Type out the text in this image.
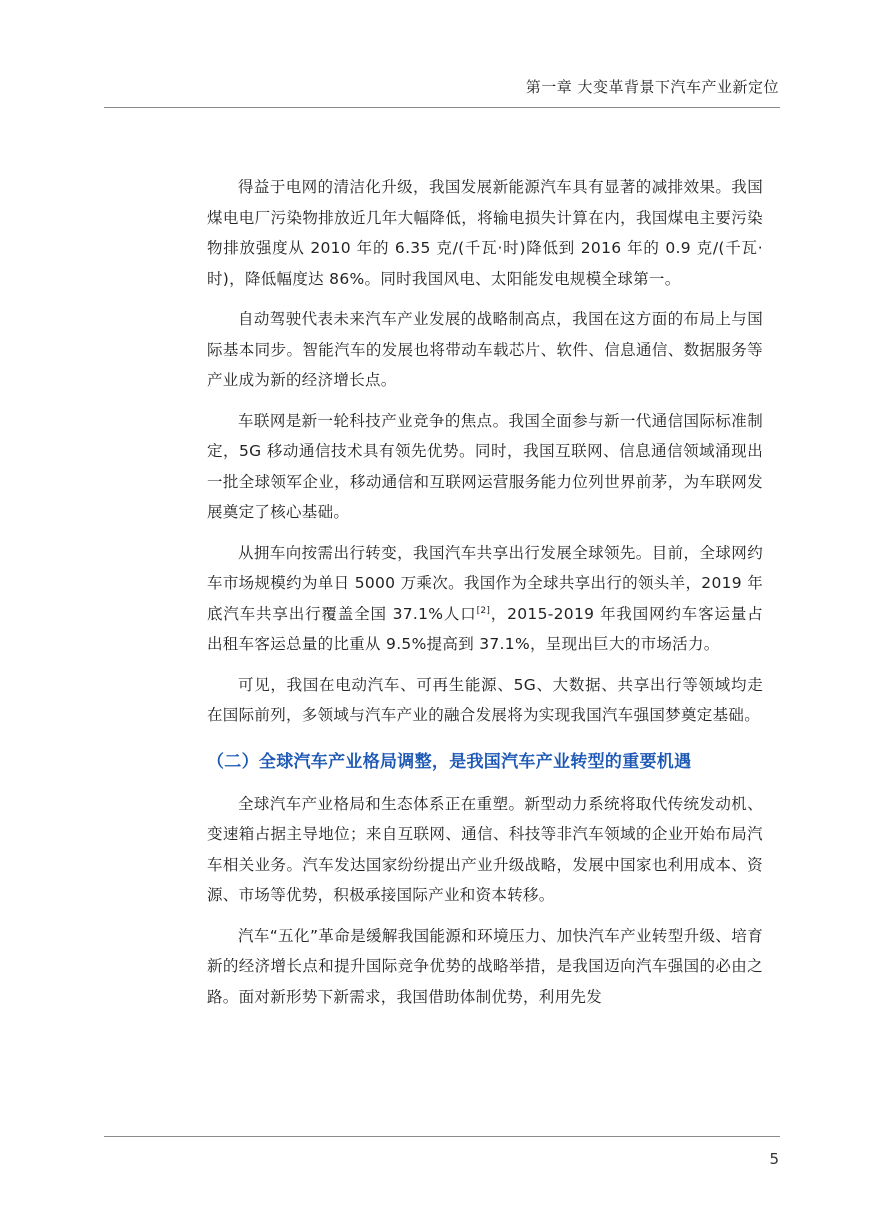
第一章 大变革背景下汽车产业新定位

得益于电网的清洁化升级，我国发展新能源汽车具有显著的减排效果。我国煤电电厂污染物排放近几年大幅降低，将输电损失计算在内，我国煤电主要污染物排放强度从 2010 年的 6.35 克/(千瓦·时)降低到 2016 年的 0.9 克/(千瓦·时)，降低幅度达 86%。同时我国风电、太阳能发电规模全球第一。

自动驾驶代表未来汽车产业发展的战略制高点，我国在这方面的布局上与国际基本同步。智能汽车的发展也将带动车载芯片、软件、信息通信、数据服务等产业成为新的经济增长点。

车联网是新一轮科技产业竞争的焦点。我国全面参与新一代通信国际标准制定，5G 移动通信技术具有领先优势。同时，我国互联网、信息通信领域涌现出一批全球领军企业，移动通信和互联网运营服务能力位列世界前茅，为车联网发展奠定了核心基础。

从拥车向按需出行转变，我国汽车共享出行发展全球领先。目前，全球网约车市场规模约为单日 5000 万乘次。我国作为全球共享出行的领头羊，2019 年底汽车共享出行覆盖全国 37.1%人口[2]，2015-2019 年我国网约车客运量占出租车客运总量的比重从 9.5%提高到 37.1%，呈现出巨大的市场活力。

可见，我国在电动汽车、可再生能源、5G、大数据、共享出行等领域均走在国际前列，多领域与汽车产业的融合发展将为实现我国汽车强国梦奠定基础。

（二）全球汽车产业格局调整，是我国汽车产业转型的重要机遇

全球汽车产业格局和生态体系正在重塑。新型动力系统将取代传统发动机、变速箱占据主导地位；来自互联网、通信、科技等非汽车领域的企业开始布局汽车相关业务。汽车发达国家纷纷提出产业升级战略，发展中国家也利用成本、资源、市场等优势，积极承接国际产业和资本转移。

汽车“五化”革命是缓解我国能源和环境压力、加快汽车产业转型升级、培育新的经济增长点和提升国际竞争优势的战略举措，是我国迈向汽车强国的必由之路。面对新形势下新需求，我国借助体制优势，利用先发

5
